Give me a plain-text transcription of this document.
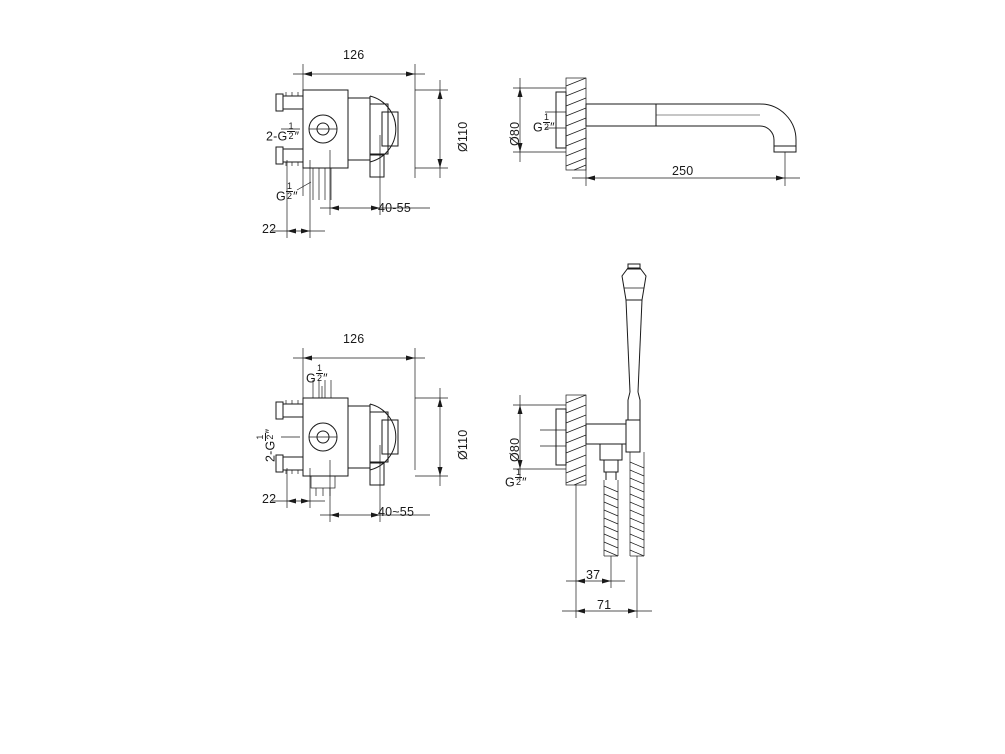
126
Ø110
40-55
22
$2-G \frac{1}{2}$ ″
G $\frac{1}{2}$ ″
Ø80 G $\frac{1}{2}$ ″
250
126
Ø110
40~55
22
G $\frac{1}{2}$ ″
2-G
1 2
″
Ø80
G $\frac{1}{2}$ ″
37
71
